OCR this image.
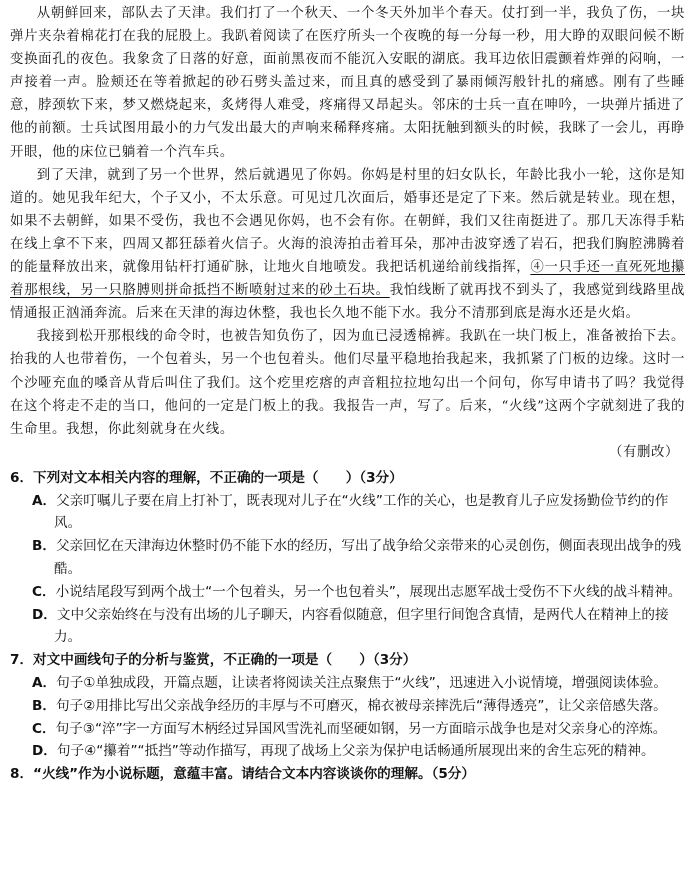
从朝鲜回来，部队去了天津。我们打了一个秋天、一个冬天外加半个春天。仗打到一半，我负了伤，一块弹片夹杂着棉花打在我的屁股上。我趴着阅读了在医疗所头一个夜晚的每一分每一秒，用大睁的双眼问候不断变换面孔的夜色。我象贪了日落的好意，面前黑夜而不能沉入安眠的湖底。我耳边依旧震颤着炸弹的闷响，一声接着一声。脸颊还在等着掀起的砂石劈头盖过来，而且真的感受到了暴雨倾泻般针扎的痛感。刚有了些睡意，脖颈软下来，梦又燃烧起来，炙烤得人难受，疼痛得又昂起头。邻床的士兵一直在呻吟，一块弹片插进了他的前额。士兵试图用最小的力气发出最大的声响来稀释疼痛。太阳抚触到额头的时候，我眯了一会儿，再睁开眼，他的床位已躺着一个汽车兵。

到了天津，就到了另一个世界，然后就遇见了你妈。你妈是村里的妇女队长，年龄比我小一轮，这你是知道的。她见我年纪大，个子又小，不太乐意。可见过几次面后，婚事还是定了下来。然后就是转业。现在想，如果不去朝鲜，如果不受伤，我也不会遇见你妈，也不会有你。在朝鲜，我们又往南挺进了。那几天冻得手粘在线上拿不下来，四周又都狂舔着火信子。火海的浪涛拍击着耳朵，那冲击波穿透了岩石，把我们胸腔沸腾着的能量释放出来，就像用钻杆打通矿脉，让地火自地喷发。我把话机递给前线指挥，④一只手还一直死死地攥着那根线，另一只胳膊则拼命抵挡不断喷射过来的砂土石块。我怕线断了就再找不到头了，我感觉到线路里战情通报正汹涌奔流。后来在天津的海边休整，我也长久地不能下水。我分不清那到底是海水还是火焰。

我接到松开那根线的命令时，也被告知负伤了，因为血已浸透棉裤。我趴在一块门板上，准备被抬下去。抬我的人也带着伤，一个包着头，另一个也包着头。他们尽量平稳地抬我起来，我抓紧了门板的边缘。这时一个沙哑充血的嗓音从背后叫住了我们。这个疙里疙瘩的声音粗拉拉地勾出一个问句，你写申请书了吗？我觉得在这个将走不走的当口，他问的一定是门板上的我。我报告一声，写了。后来，“火线”这两个字就刻进了我的生命里。我想，你此刻就身在火线。

（有删改）

6．下列对文本相关内容的理解，不正确的一项是（　　）（3分）

A．父亲叮嘱儿子要在肩上打补丁，既表现对儿子在“火线”工作的关心，也是教育儿子应发扬勤俭节约的作风。

B．父亲回忆在天津海边休整时仍不能下水的经历，写出了战争给父亲带来的心灵创伤，侧面表现出战争的残酷。

C．小说结尾段写到两个战士“一个包着头，另一个也包着头”，展现出志愿军战士受伤不下火线的战斗精神。

D．文中父亲始终在与没有出场的儿子聊天，内容看似随意，但字里行间饱含真情，是两代人在精神上的接力。

7．对文中画线句子的分析与鉴赏，不正确的一项是（　　）（3分）

A．句子①单独成段，开篇点题，让读者将阅读关注点聚焦于“火线”，迅速进入小说情境，增强阅读体验。

B．句子②用排比写出父亲战争经历的丰厚与不可磨灭，棉衣被母亲摔洗后“薄得透亮”，让父亲倍感失落。

C．句子③“淬”字一方面写木柄经过异国风雪洗礼而坚硬如钢，另一方面暗示战争也是对父亲身心的淬炼。

D．句子④“攥着”“抵挡”等动作描写，再现了战场上父亲为保护电话畅通所展现出来的舍生忘死的精神。

8．“火线”作为小说标题，意蕴丰富。请结合文本内容谈谈你的理解。（5分）
